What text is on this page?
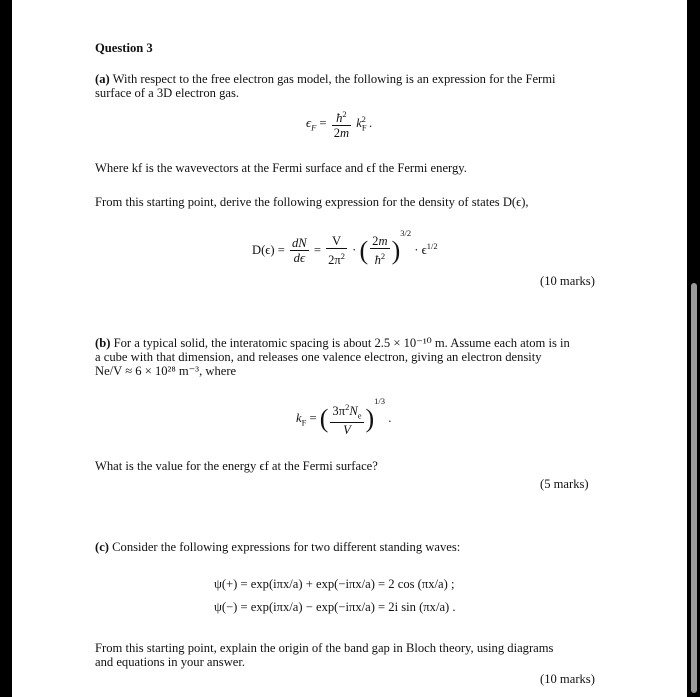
Question 3
(a) With respect to the free electron gas model, the following is an expression for the Fermi
surface of a 3D electron gas.
$\epsilon_F = \frac{ħ^2}{2m} k_F^2$ .
Where kf is the wavevectors at the Fermi surface and ϵf the Fermi energy.
From this starting point, derive the following expression for the density of states D(ϵ),
$D(\epsilon) = \frac{dN}{d\epsilon} = \frac{V}{2\pi^2}$ · ( $\frac{2m}{ħ^2} )^{3/2} \cdot \epsilon^{1/2}$
(10 marks)
(b) For a typical solid, the interatomic spacing is about 2.5 × 10⁻¹⁰ m. Assume each atom is in
a cube with that dimension, and releases one valence electron, giving an electron density
Ne/V ≈ 6 × 10²⁸ m⁻³, where
$k_F$ = ( $\frac{3\pi^2N_e}{V} )^{1/3}$ .
What is the value for the energy ϵf at the Fermi surface?
(5 marks)
(c) Consider the following expressions for two different standing waves:
ψ(+) = exp(iπx/a) + exp(−iπx/a) = 2 cos (πx/a) ;
ψ(−) = exp(iπx/a) − exp(−iπx/a) = 2i sin (πx/a) .
From this starting point, explain the origin of the band gap in Bloch theory, using diagrams
and equations in your answer.
(10 marks)
